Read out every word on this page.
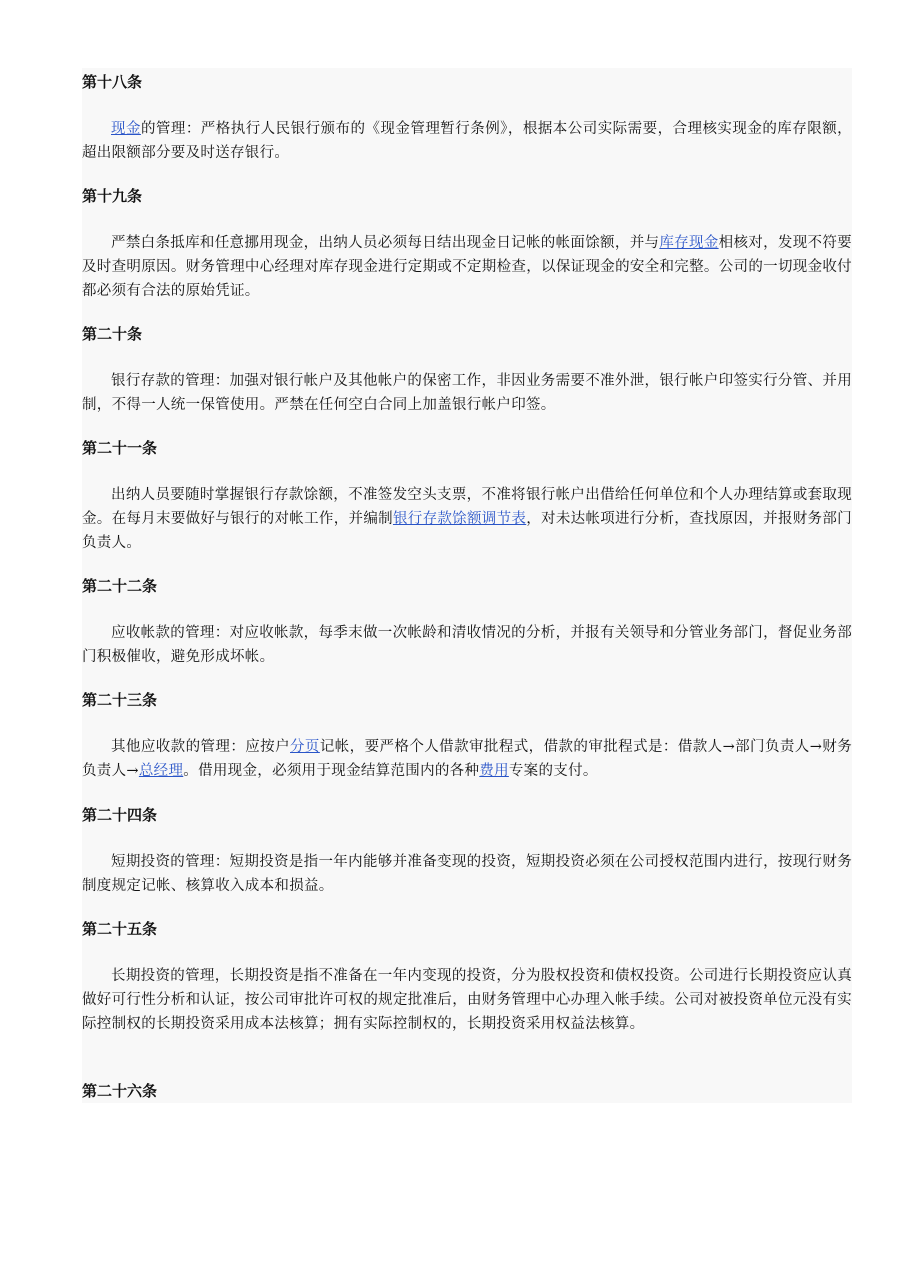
第十八条

现金的管理：严格执行人民银行颁布的《现金管理暂行条例》，根据本公司实际需要，合理核实现金的库存限额，超出限额部分要及时送存银行。

第十九条

严禁白条抵库和任意挪用现金，出纳人员必须每日结出现金日记帐的帐面馀额，并与库存现金相核对，发现不符要及时查明原因。财务管理中心经理对库存现金进行定期或不定期检查，以保证现金的安全和完整。公司的一切现金收付都必须有合法的原始凭证。

第二十条

银行存款的管理：加强对银行帐户及其他帐户的保密工作，非因业务需要不准外泄，银行帐户印签实行分管、并用制，不得一人统一保管使用。严禁在任何空白合同上加盖银行帐户印签。

第二十一条

出纳人员要随时掌握银行存款馀额，不准签发空头支票，不准将银行帐户出借给任何单位和个人办理结算或套取现金。在每月末要做好与银行的对帐工作，并编制银行存款馀额调节表，对未达帐项进行分析，查找原因，并报财务部门负责人。

第二十二条

应收帐款的管理：对应收帐款，每季末做一次帐龄和清收情况的分析，并报有关领导和分管业务部门，督促业务部门积极催收，避免形成坏帐。

第二十三条

其他应收款的管理：应按户分页记帐，要严格个人借款审批程式，借款的审批程式是：借款人→部门负责人→财务负责人→总经理。借用现金，必须用于现金结算范围内的各种费用专案的支付。

第二十四条

短期投资的管理：短期投资是指一年内能够并准备变现的投资，短期投资必须在公司授权范围内进行，按现行财务制度规定记帐、核算收入成本和损益。

第二十五条

长期投资的管理，长期投资是指不准备在一年内变现的投资，分为股权投资和债权投资。公司进行长期投资应认真做好可行性分析和认证，按公司审批许可权的规定批准后，由财务管理中心办理入帐手续。公司对被投资单位元没有实际控制权的长期投资采用成本法核算；拥有实际控制权的，长期投资采用权益法核算。

第二十六条
